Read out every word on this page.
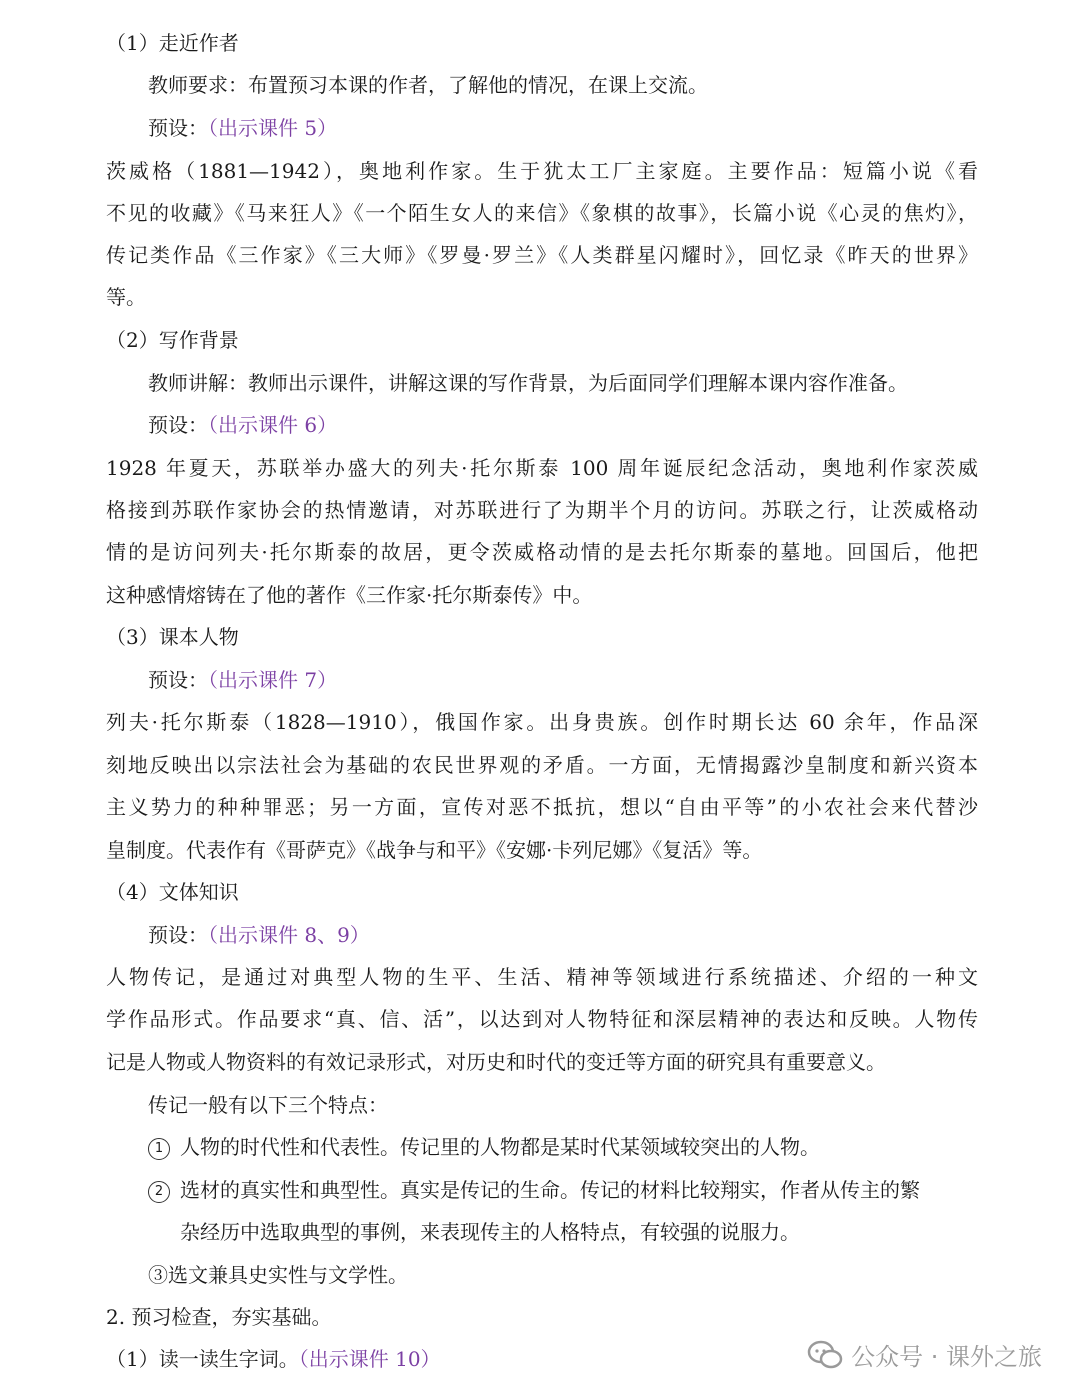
（1）走近作者
教师要求：布置预习本课的作者，了解他的情况，在课上交流。
预设：（出示课件 5）
茨威格（1881—1942），奥地利作家。生于犹太工厂主家庭。主要作品：短篇小说《看
不见的收藏》《马来狂人》《一个陌生女人的来信》《象棋的故事》，长篇小说《心灵的焦灼》，
传记类作品《三作家》《三大师》《罗曼·罗兰》《人类群星闪耀时》，回忆录《昨天的世界》
等。
（2）写作背景
教师讲解：教师出示课件，讲解这课的写作背景，为后面同学们理解本课内容作准备。
预设：（出示课件 6）
1928 年夏天，苏联举办盛大的列夫·托尔斯泰 100 周年诞辰纪念活动，奥地利作家茨威
格接到苏联作家协会的热情邀请，对苏联进行了为期半个月的访问。苏联之行，让茨威格动
情的是访问列夫·托尔斯泰的故居，更令茨威格动情的是去托尔斯泰的墓地。回国后，他把
这种感情熔铸在了他的著作《三作家·托尔斯泰传》中。
（3）课本人物
预设：（出示课件 7）
列夫·托尔斯泰（1828—1910），俄国作家。出身贵族。创作时期长达 60 余年，作品深
刻地反映出以宗法社会为基础的农民世界观的矛盾。一方面，无情揭露沙皇制度和新兴资本
主义势力的种种罪恶；另一方面，宣传对恶不抵抗，想以“自由平等”的小农社会来代替沙
皇制度。代表作有《哥萨克》《战争与和平》《安娜·卡列尼娜》《复活》等。
（4）文体知识
预设：（出示课件 8、9）
人物传记，是通过对典型人物的生平、生活、精神等领域进行系统描述、介绍的一种文
学作品形式。作品要求“真、信、活”，以达到对人物特征和深层精神的表达和反映。人物传
记是人物或人物资料的有效记录形式，对历史和时代的变迁等方面的研究具有重要意义。
传记一般有以下三个特点：
1 人物的时代性和代表性。传记里的人物都是某时代某领域较突出的人物。
2 选材的真实性和典型性。真实是传记的生命。传记的材料比较翔实，作者从传主的繁
杂经历中选取典型的事例，来表现传主的人格特点，有较强的说服力。
③选文兼具史实性与文学性。
2. 预习检查，夯实基础。
（1）读一读生字词。（出示课件 10）	公众号 · 课外之旅
